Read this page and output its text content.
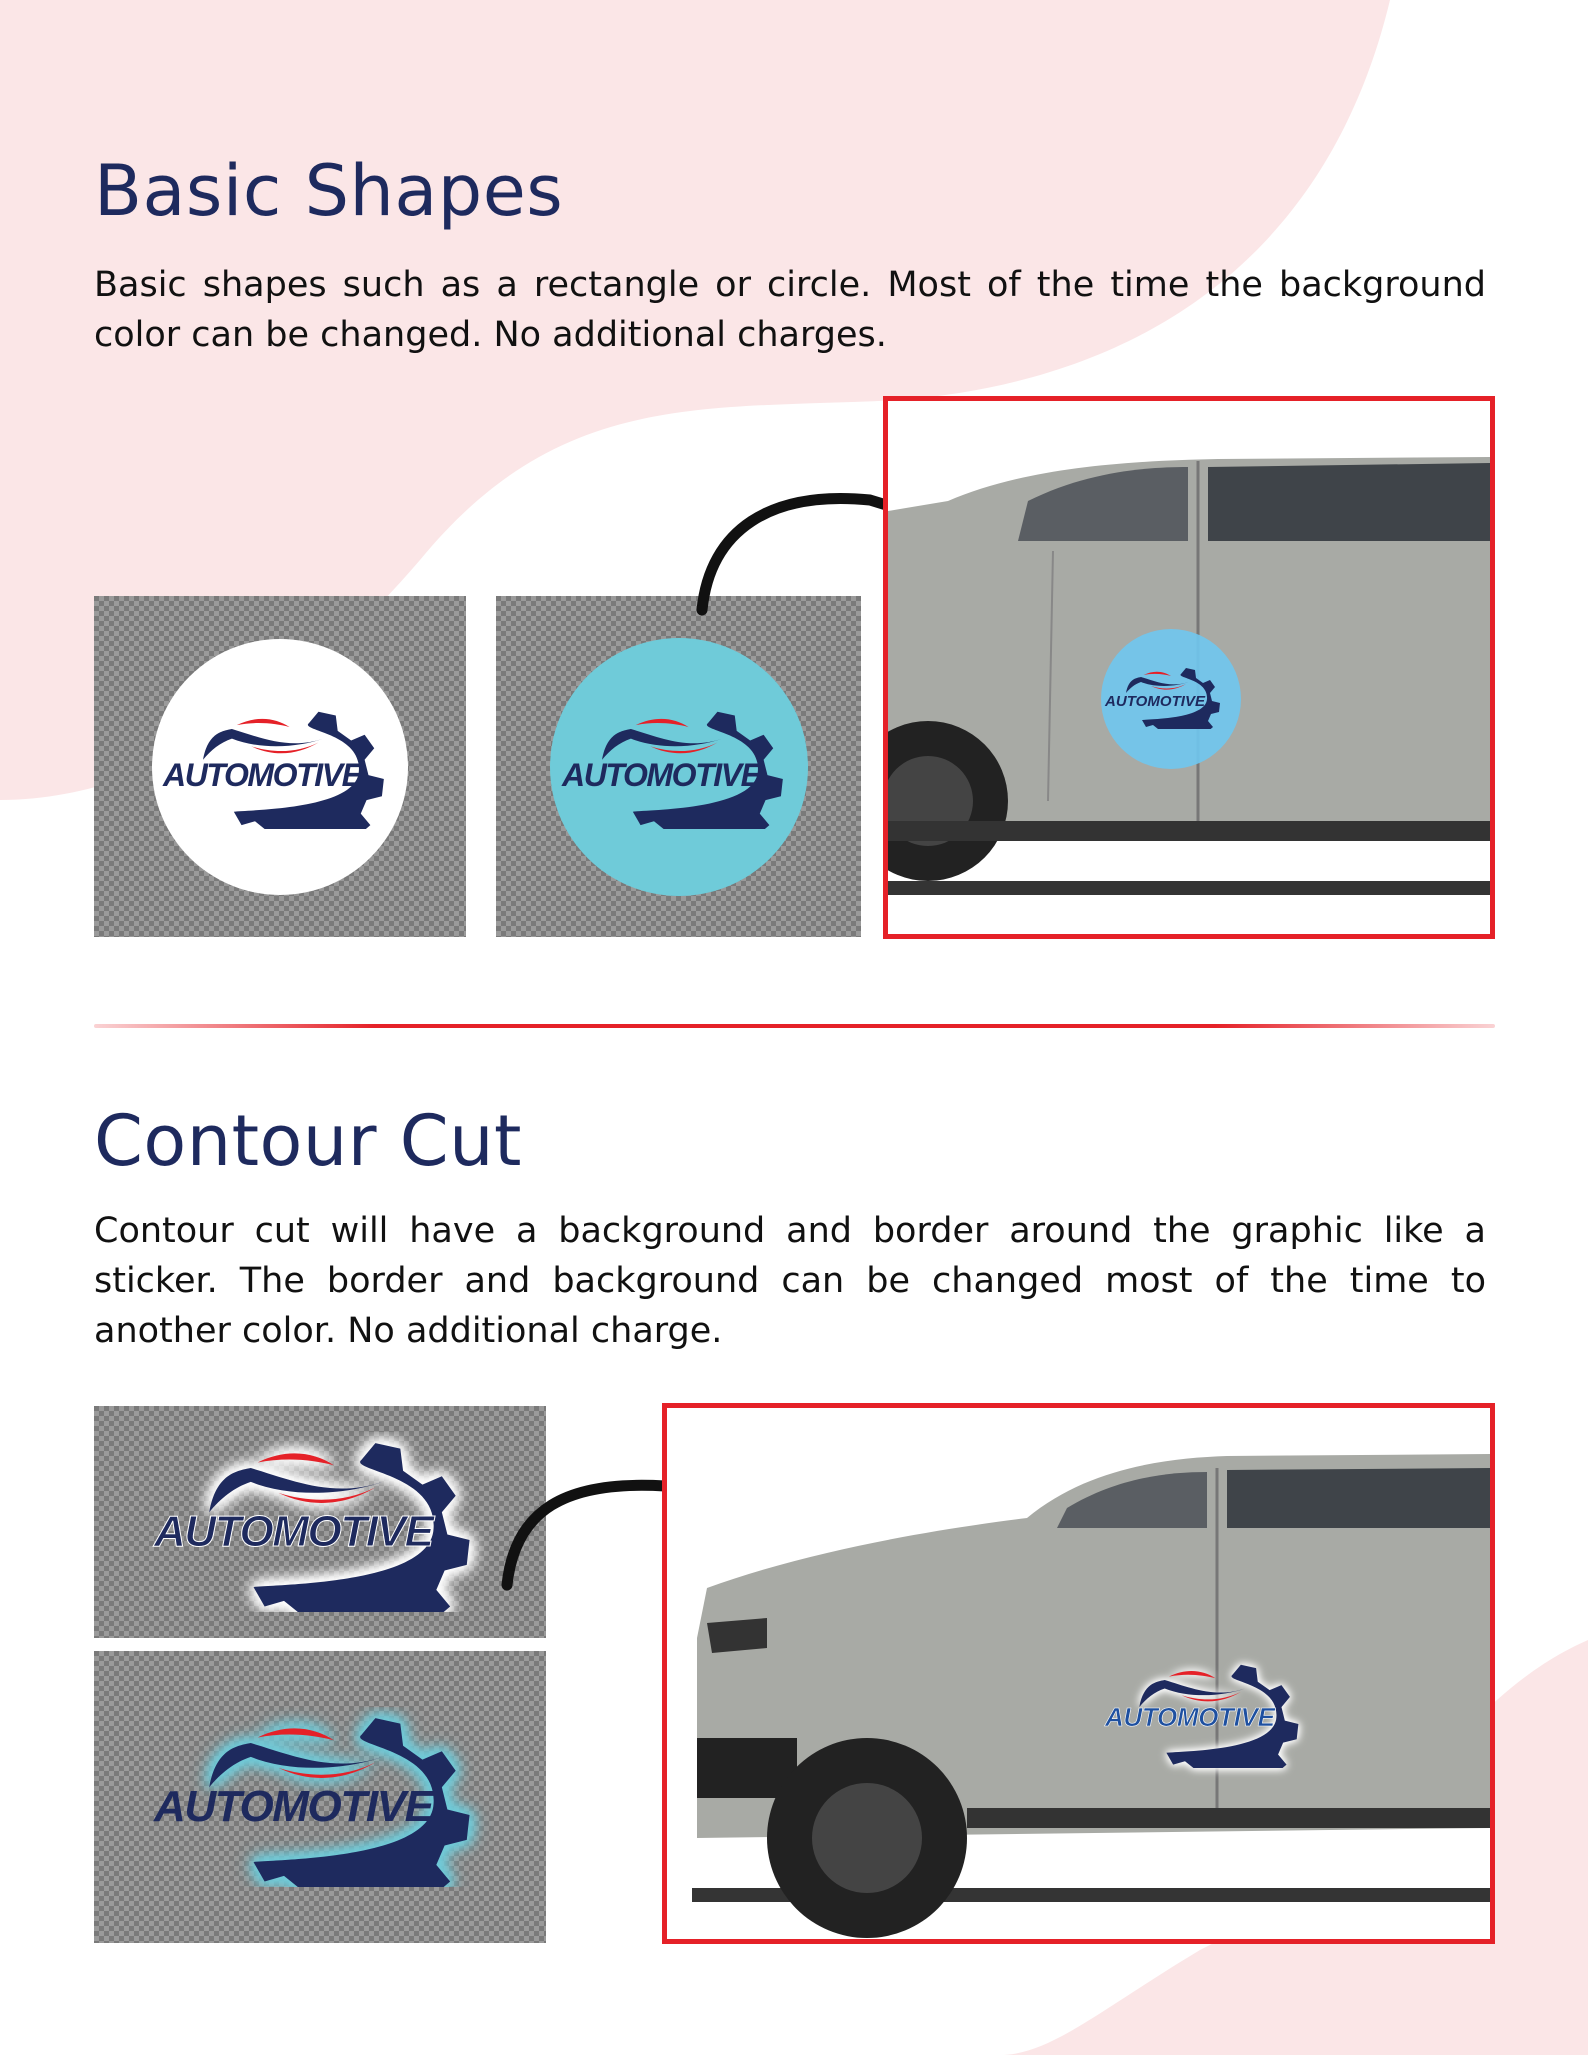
Basic Shapes

Basic shapes such as a rectangle or circle. Most of the time the background color can be changed. No additional charges.

AUTOMOTIVE	AUTOMOTIVE
AUTOMOTIVE
Contour Cut

Contour cut will have a background and border around the graphic like a sticker. The border and background can be changed most of the time to another color. No additional charge.

AUTOMOTIVE
AUTOMOTIVE
AUTOMOTIVE
